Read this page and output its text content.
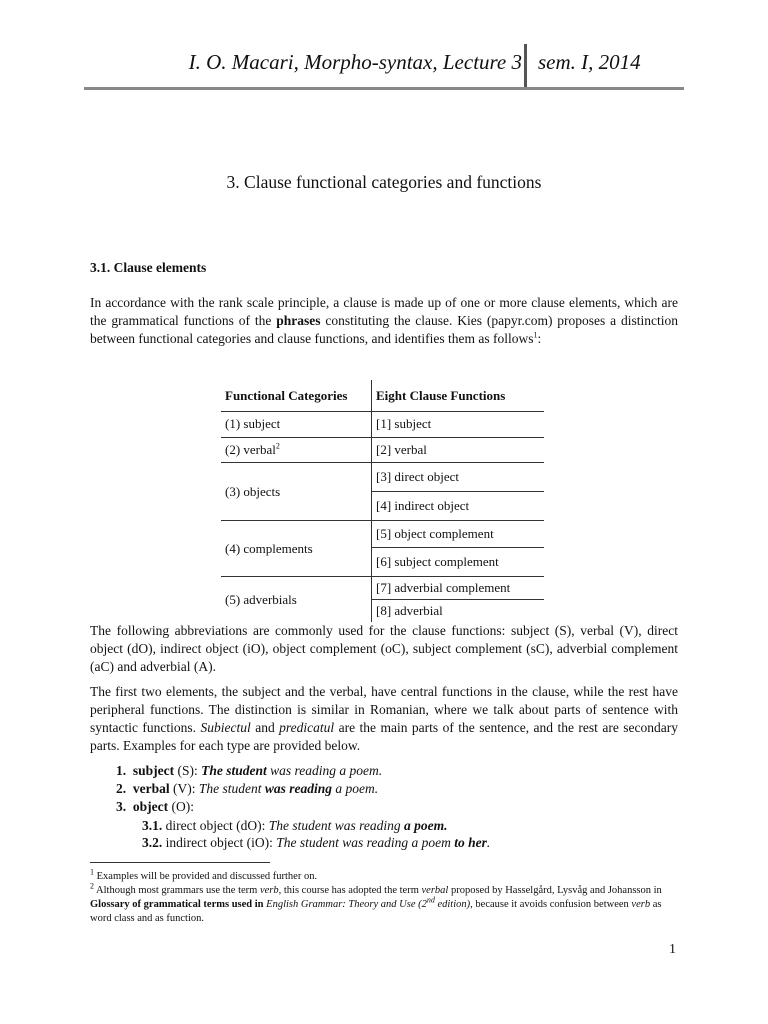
I. O. Macari, Morpho-syntax, Lecture 3 sem. I, 2014
3. Clause functional categories and functions
3.1. Clause elements
In accordance with the rank scale principle, a clause is made up of one or more clause elements, which are the grammatical functions of the phrases constituting the clause. Kies (papyr.com) proposes a distinction between functional categories and clause functions, and identifies them as follows$^1$:
Functional Categories	Eight Clause Functions
(1) subject	[1] subject
(2) verbal$^2$	[2] verbal
(3) objects	[3] direct object
	[4] indirect object
(4) complements	[5] object complement
	[6] subject complement
(5) adverbials	[7] adverbial complement
	[8] adverbial
The following abbreviations are commonly used for the clause functions: subject (S), verbal (V), direct object (dO), indirect object (iO), object complement (oC), subject complement (sC), adverbial complement (aC) and adverbial (A).
The first two elements, the subject and the verbal, have central functions in the clause, while the rest have peripheral functions. The distinction is similar in Romanian, where we talk about parts of sentence with syntactic functions. Subiectul and predicatul are the main parts of the sentence, and the rest are secondary parts. Examples for each type are provided below.
1. subject (S): The student was reading a poem.
2. verbal (V): The student was reading a poem.
3. object (O):
3.1. direct object (dO): The student was reading a poem.
3.2. indirect object (iO): The student was reading a poem to her.
$^1$ Examples will be provided and discussed further on.
$^2$ Although most grammars use the term verb, this course has adopted the term verbal proposed by Hasselgård, Lysvåg and Johansson in Glossary of grammatical terms used in English Grammar: Theory and Use (2nd edition), because it avoids confusion between verb as word class and as function.
1
